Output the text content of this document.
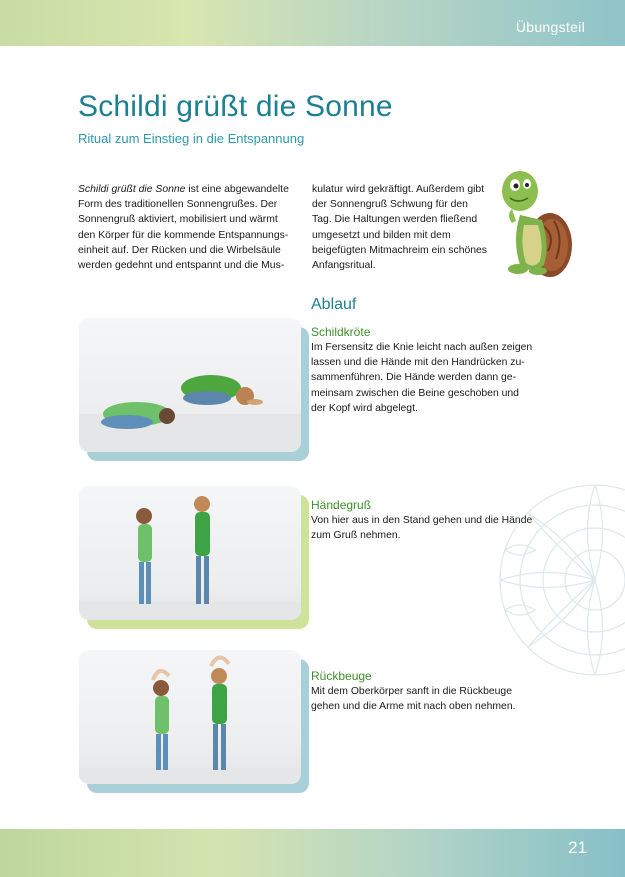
Übungsteil
Schildi grüßt die Sonne
Ritual zum Einstieg in die Entspannung
Schildi grüßt die Sonne ist eine abgewandelte Form des traditionellen Sonnengrußes. Der Sonnengruß aktiviert, mobilisiert und wärmt den Körper für die kommende Entspannungs-einheit auf. Der Rücken und die Wirbelsäule werden gedehnt und entspannt und die Mus-
kulatur wird gekräftigt. Außerdem gibt der Sonnengruß Schwung für den Tag. Die Haltungen werden fließend umgesetzt und bilden mit dem beigefügten Mitmachreim ein schönes Anfangsritual.
Ablauf
Schildkröte
Im Fersensitz die Knie leicht nach außen zeigen lassen und die Hände mit den Handrücken zu-sammenführen. Die Hände werden dann ge-meinsam zwischen die Beine geschoben und der Kopf wird abgelegt.
Händegruß
Von hier aus in den Stand gehen und die Hände zum Gruß nehmen.
Rückbeuge
Mit dem Oberkörper sanft in die Rückbeuge gehen und die Arme mit nach oben nehmen.
21
